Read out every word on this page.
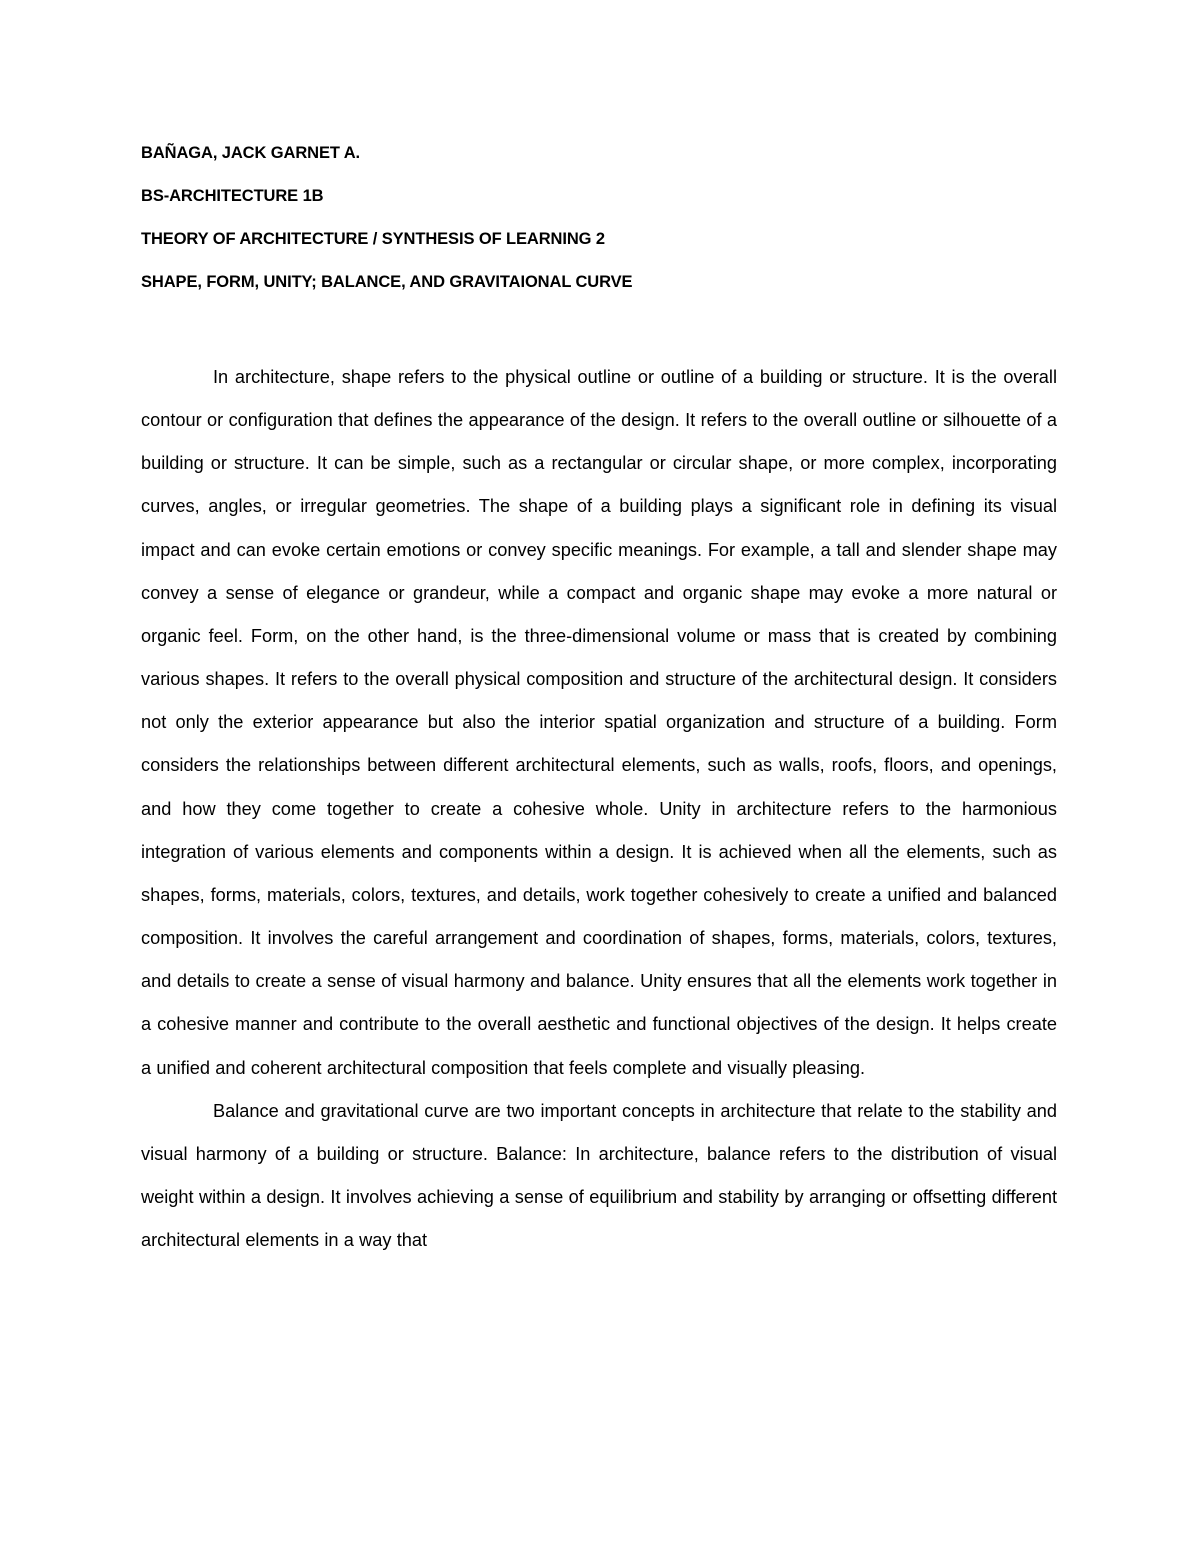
BAÑAGA, JACK GARNET A.
BS-ARCHITECTURE 1B
THEORY OF ARCHITECTURE / SYNTHESIS OF LEARNING 2
SHAPE, FORM, UNITY; BALANCE, AND GRAVITAIONAL CURVE

In architecture, shape refers to the physical outline or outline of a building or structure. It is the overall contour or configuration that defines the appearance of the design. It refers to the overall outline or silhouette of a building or structure. It can be simple, such as a rectangular or circular shape, or more complex, incorporating curves, angles, or irregular geometries. The shape of a building plays a significant role in defining its visual impact and can evoke certain emotions or convey specific meanings. For example, a tall and slender shape may convey a sense of elegance or grandeur, while a compact and organic shape may evoke a more natural or organic feel. Form, on the other hand, is the three-dimensional volume or mass that is created by combining various shapes. It refers to the overall physical composition and structure of the architectural design. It considers not only the exterior appearance but also the interior spatial organization and structure of a building. Form considers the relationships between different architectural elements, such as walls, roofs, floors, and openings, and how they come together to create a cohesive whole. Unity in architecture refers to the harmonious integration of various elements and components within a design. It is achieved when all the elements, such as shapes, forms, materials, colors, textures, and details, work together cohesively to create a unified and balanced composition. It involves the careful arrangement and coordination of shapes, forms, materials, colors, textures, and details to create a sense of visual harmony and balance. Unity ensures that all the elements work together in a cohesive manner and contribute to the overall aesthetic and functional objectives of the design. It helps create a unified and coherent architectural composition that feels complete and visually pleasing.

Balance and gravitational curve are two important concepts in architecture that relate to the stability and visual harmony of a building or structure. Balance: In architecture, balance refers to the distribution of visual weight within a design. It involves achieving a sense of equilibrium and stability by arranging or offsetting different architectural elements in a way that
